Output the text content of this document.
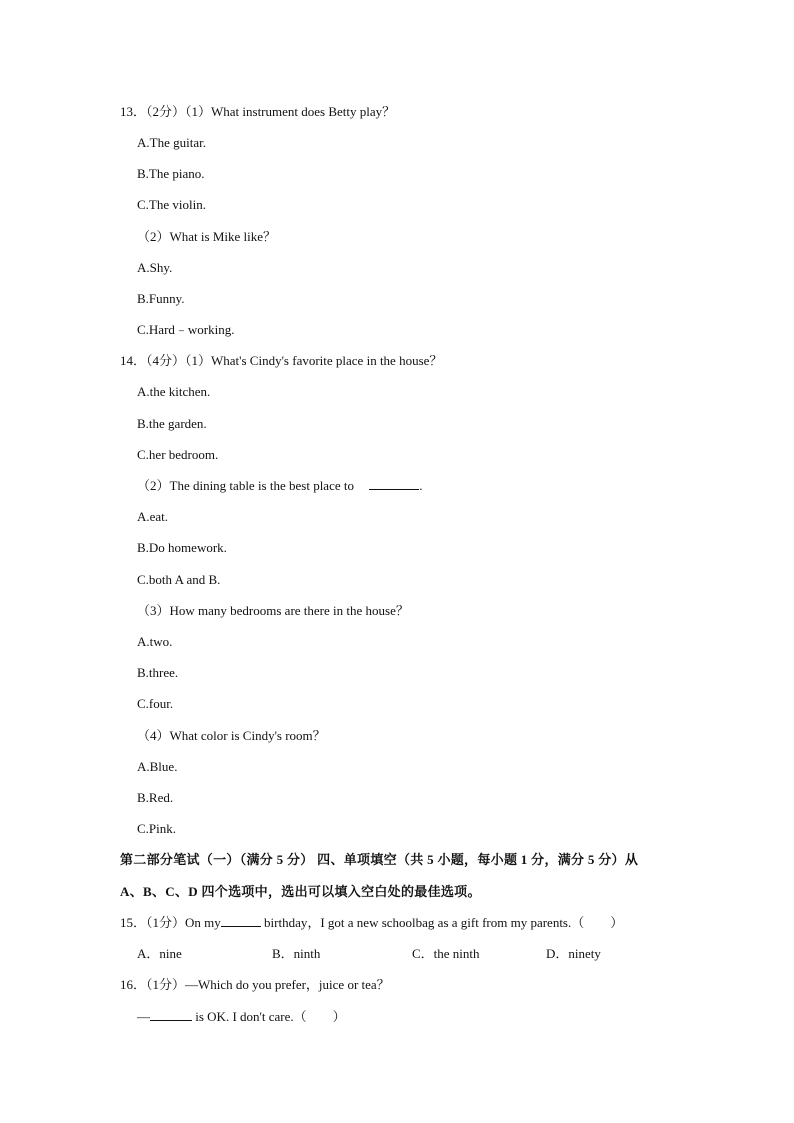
13．（2分）（1）What instrument does Betty play？
A.The guitar.
B.The piano.
C.The violin.
（2）What is Mike like？
A.Shy.
B.Funny.
C.Hard﹣working.
14．（4分）（1）What's Cindy's favorite place in the house？
A.the kitchen.
B.the garden.
C.her bedroom.
（2）The dining table is the best place to	.
A.eat.
B.Do homework.
C.both A and B.
（3）How many bedrooms are there in the house？
A.two.
B.three.
C.four.
（4）What color is Cindy's room？
A.Blue.
B.Red.
C.Pink.
第二部分笔试（一）（满分 5 分） 四、单项填空（共 5 小题，每小题 1 分，满分 5 分）从
A、B、C、D 四个选项中，选出可以填入空白处的最佳选项。
15．（1分）On my	birthday，I got a new schoolbag as a gift from my parents.（　　）
A．nine	B．ninth	C．the ninth	D．ninety
16．（1分）—Which do you prefer，juice or tea？
—	is OK. I don't care.（　　）
